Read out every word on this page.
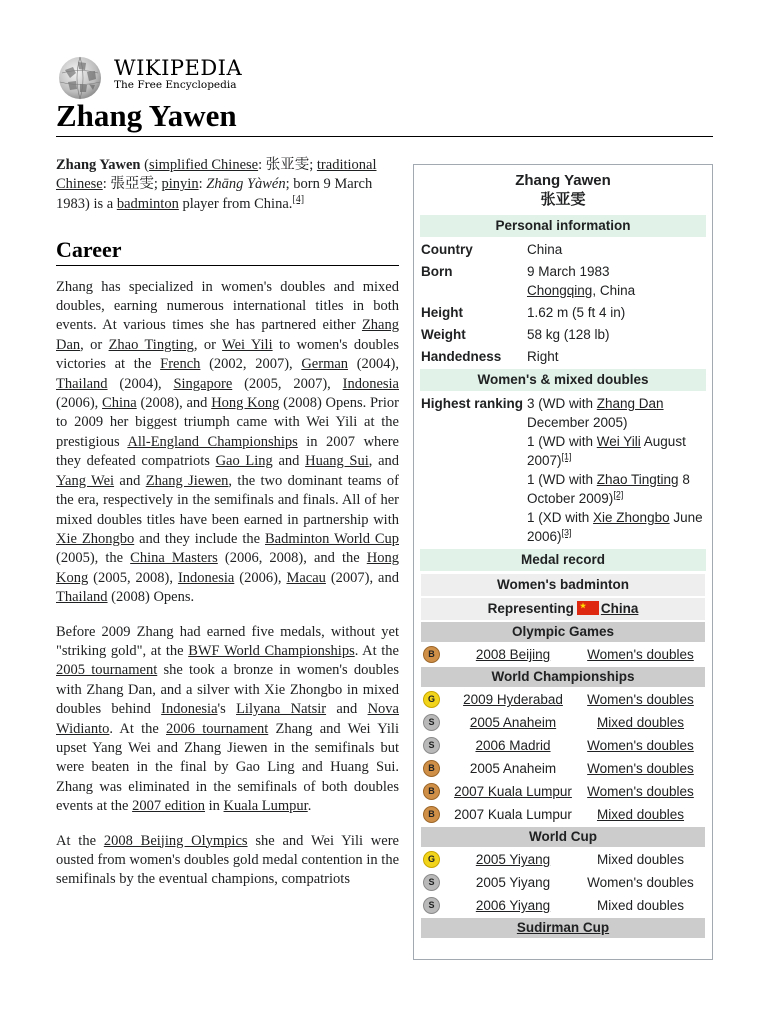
WIKIPEDIA
The Free Encyclopedia
Zhang Yawen

Zhang Yawen (simplified Chinese: 张亚雯; traditional Chinese: 張亞雯; pinyin: Zhāng Yàwén; born 9 March 1983) is a badminton player from China.[4]

Career

Zhang has specialized in women's doubles and mixed doubles, earning numerous international titles in both events. At various times she has partnered either Zhang Dan, or Zhao Tingting, or Wei Yili to women's doubles victories at the French (2002, 2007), German (2004), Thailand (2004), Singapore (2005, 2007), Indonesia (2006), China (2008), and Hong Kong (2008) Opens. Prior to 2009 her biggest triumph came with Wei Yili at the prestigious All-England Championships in 2007 where they defeated compatriots Gao Ling and Huang Sui, and Yang Wei and Zhang Jiewen, the two dominant teams of the era, respectively in the semifinals and finals. All of her mixed doubles titles have been earned in partnership with Xie Zhongbo and they include the Badminton World Cup (2005), the China Masters (2006, 2008), and the Hong Kong (2005, 2008), Indonesia (2006), Macau (2007), and Thailand (2008) Opens.

Before 2009 Zhang had earned five medals, without yet "striking gold", at the BWF World Championships. At the 2005 tournament she took a bronze in women's doubles with Zhang Dan, and a silver with Xie Zhongbo in mixed doubles behind Indonesia's Lilyana Natsir and Nova Widianto. At the 2006 tournament Zhang and Wei Yili upset Yang Wei and Zhang Jiewen in the semifinals but were beaten in the final by Gao Ling and Huang Sui. Zhang was eliminated in the semifinals of both doubles events at the 2007 edition in Kuala Lumpur.

At the 2008 Beijing Olympics she and Wei Yili were ousted from women's doubles gold medal contention in the semifinals by the eventual champions, compatriots

Zhang Yawen
张亚雯
Personal information
Country	China
Born	9 March 1983
Chongqing, China
Height	1.62 m (5 ft 4 in)
Weight	58 kg (128 lb)
Handedness	Right
Women's & mixed doubles
Highest ranking 3 (WD with Zhang Dan December 2005)
1 (WD with Wei Yili August 2007)[1]
1 (WD with Zhao Tingting 8 October 2009)[2]
1 (XD with Xie Zhongbo June 2006)[3]
Medal record
Women's badminton
Representing ★ China
Olympic Games
B	2008 Beijing	Women's doubles
World Championships
G	2009 Hyderabad	Women's doubles
S	2005 Anaheim	Mixed doubles
S	2006 Madrid	Women's doubles
B	2005 Anaheim	Women's doubles
B	2007 Kuala Lumpur	Women's doubles
B	2007 Kuala Lumpur	Mixed doubles
World Cup
G	2005 Yiyang	Mixed doubles
S	2005 Yiyang	Women's doubles
S	2006 Yiyang	Mixed doubles
Sudirman Cup
